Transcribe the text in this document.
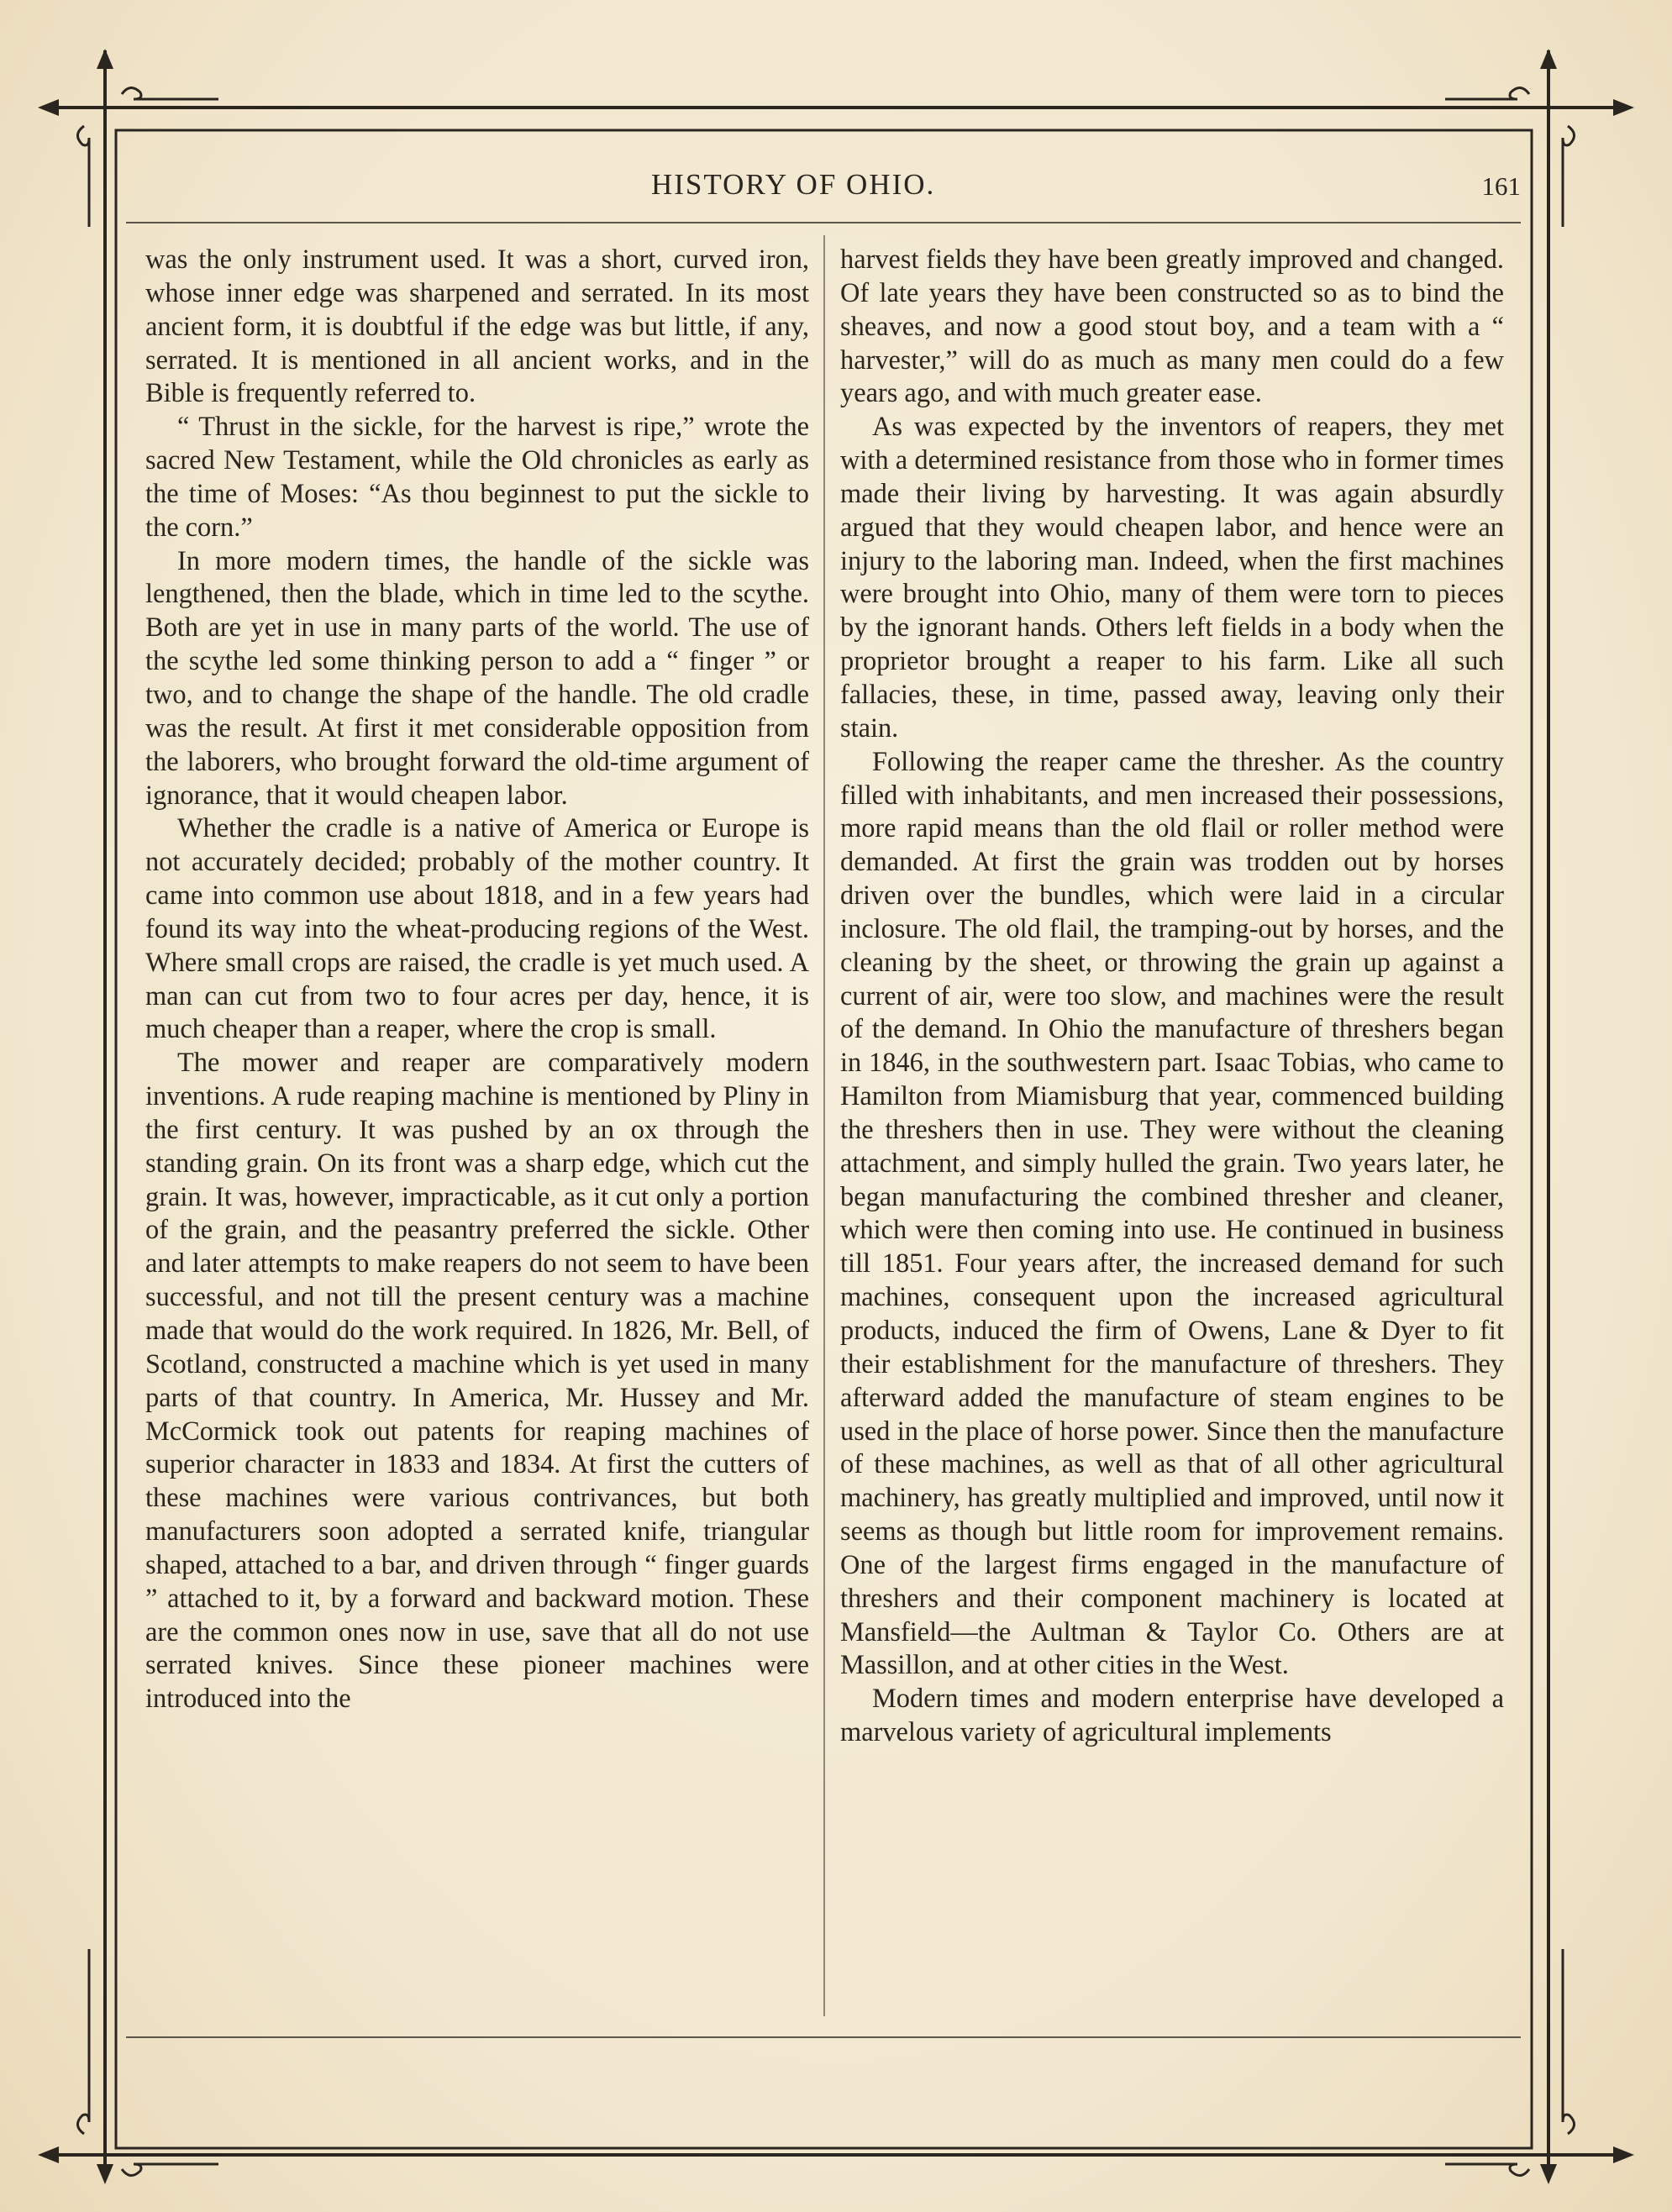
HISTORY OF OHIO.	161

was the only instrument used. It was a short, curved iron, whose inner edge was sharpened and serrated. In its most ancient form, it is doubtful if the edge was but little, if any, serrated. It is mentioned in all ancient works, and in the Bible is frequently referred to.

“ Thrust in the sickle, for the harvest is ripe,” wrote the sacred New Testament, while the Old chronicles as early as the time of Moses: “As thou beginnest to put the sickle to the corn.”

In more modern times, the handle of the sickle was lengthened, then the blade, which in time led to the scythe. Both are yet in use in many parts of the world. The use of the scythe led some thinking person to add a “ finger ” or two, and to change the shape of the handle. The old cradle was the result. At first it met considerable opposition from the laborers, who brought forward the old-time argument of ignorance, that it would cheapen labor.

Whether the cradle is a native of America or Europe is not accurately decided; probably of the mother country. It came into common use about 1818, and in a few years had found its way into the wheat-producing regions of the West. Where small crops are raised, the cradle is yet much used. A man can cut from two to four acres per day, hence, it is much cheaper than a reaper, where the crop is small.

The mower and reaper are comparatively modern inventions. A rude reaping machine is mentioned by Pliny in the first century. It was pushed by an ox through the standing grain. On its front was a sharp edge, which cut the grain. It was, however, impracticable, as it cut only a portion of the grain, and the peasantry preferred the sickle. Other and later attempts to make reapers do not seem to have been successful, and not till the present century was a machine made that would do the work required. In 1826, Mr. Bell, of Scotland, constructed a machine which is yet used in many parts of that country. In America, Mr. Hussey and Mr. McCormick took out patents for reaping machines of superior character in 1833 and 1834. At first the cutters of these machines were various contrivances, but both manufacturers soon adopted a serrated knife, triangular shaped, attached to a bar, and driven through “ finger guards ” attached to it, by a forward and backward motion. These are the common ones now in use, save that all do not use serrated knives. Since these pioneer machines were introduced into the

harvest fields they have been greatly improved and changed. Of late years they have been constructed so as to bind the sheaves, and now a good stout boy, and a team with a “ harvester,” will do as much as many men could do a few years ago, and with much greater ease.

As was expected by the inventors of reapers, they met with a determined resistance from those who in former times made their living by harvesting. It was again absurdly argued that they would cheapen labor, and hence were an injury to the laboring man. Indeed, when the first machines were brought into Ohio, many of them were torn to pieces by the ignorant hands. Others left fields in a body when the proprietor brought a reaper to his farm. Like all such fallacies, these, in time, passed away, leaving only their stain.

Following the reaper came the thresher. As the country filled with inhabitants, and men increased their possessions, more rapid means than the old flail or roller method were demanded. At first the grain was trodden out by horses driven over the bundles, which were laid in a circular inclosure. The old flail, the tramping-out by horses, and the cleaning by the sheet, or throwing the grain up against a current of air, were too slow, and machines were the result of the demand. In Ohio the manufacture of threshers began in 1846, in the southwestern part. Isaac Tobias, who came to Hamilton from Miamisburg that year, commenced building the threshers then in use. They were without the cleaning attachment, and simply hulled the grain. Two years later, he began manufacturing the combined thresher and cleaner, which were then coming into use. He continued in business till 1851. Four years after, the increased demand for such machines, consequent upon the increased agricultural products, induced the firm of Owens, Lane & Dyer to fit their establishment for the manufacture of threshers. They afterward added the manufacture of steam engines to be used in the place of horse power. Since then the manufacture of these machines, as well as that of all other agricultural machinery, has greatly multiplied and improved, until now it seems as though but little room for improvement remains. One of the largest firms engaged in the manufacture of threshers and their component machinery is located at Mansfield—the Aultman & Taylor Co. Others are at Massillon, and at other cities in the West.

Modern times and modern enterprise have developed a marvelous variety of agricultural implements
